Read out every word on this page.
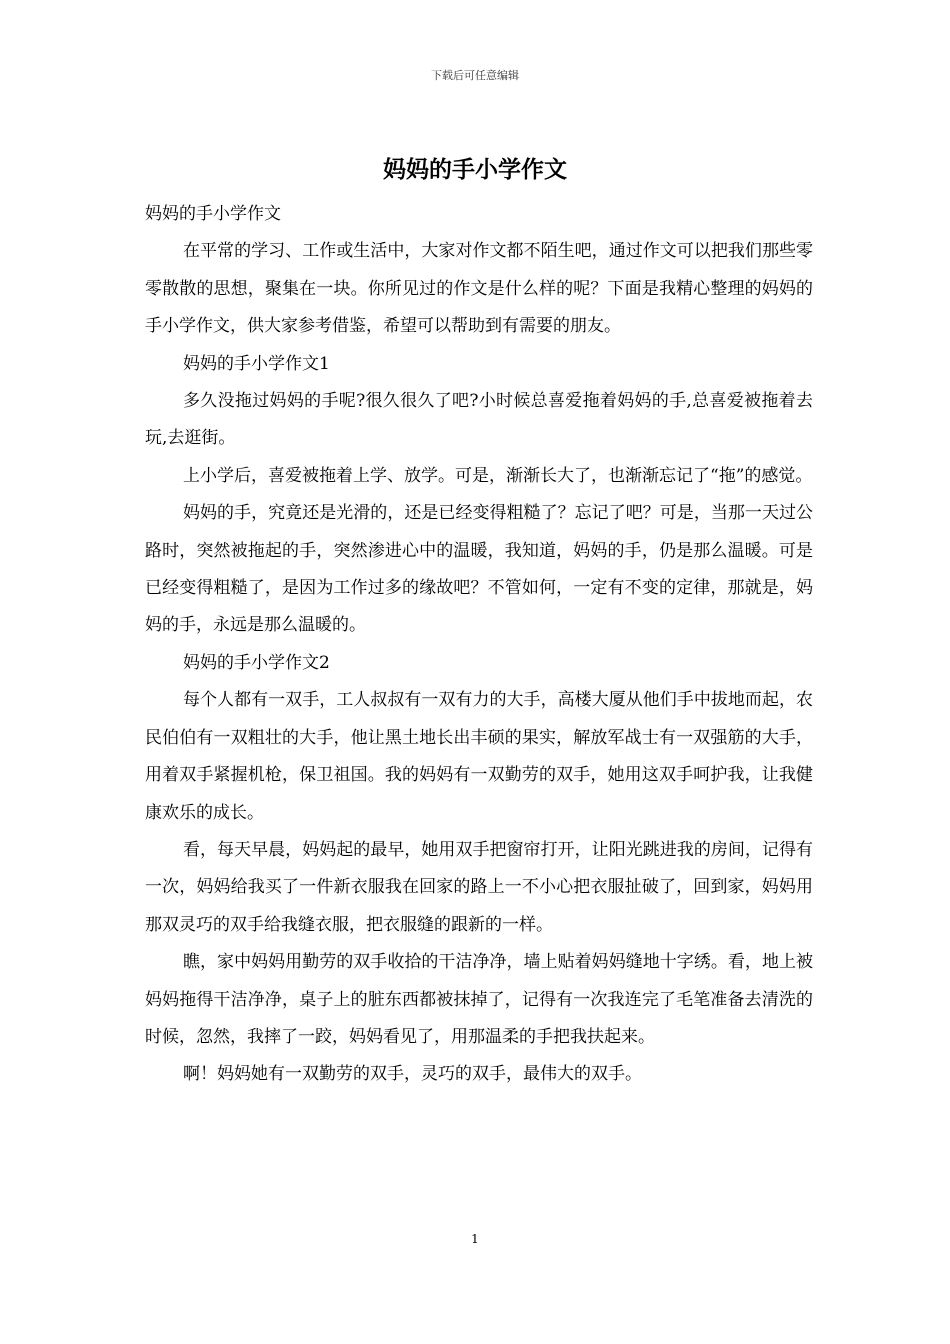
下载后可任意编辑
妈妈的手小学作文

妈妈的手小学作文

在平常的学习、工作或生活中，大家对作文都不陌生吧，通过作文可以把我们那些零零散散的思想，聚集在一块。你所见过的作文是什么样的呢？下面是我精心整理的妈妈的手小学作文，供大家参考借鉴，希望可以帮助到有需要的朋友。

妈妈的手小学作文1

多久没拖过妈妈的手呢?很久很久了吧?小时候总喜爱拖着妈妈的手,总喜爱被拖着去玩,去逛街。

上小学后，喜爱被拖着上学、放学。可是，渐渐长大了，也渐渐忘记了“拖”的感觉。

妈妈的手，究竟还是光滑的，还是已经变得粗糙了？忘记了吧？可是，当那一天过公路时，突然被拖起的手，突然渗进心中的温暖，我知道，妈妈的手，仍是那么温暖。可是已经变得粗糙了，是因为工作过多的缘故吧？不管如何，一定有不变的定律，那就是，妈妈的手，永远是那么温暖的。

妈妈的手小学作文2

每个人都有一双手，工人叔叔有一双有力的大手，高楼大厦从他们手中拔地而起，农民伯伯有一双粗壮的大手，他让黑土地长出丰硕的果实，解放军战士有一双强筋的大手，用着双手紧握机枪，保卫祖国。我的妈妈有一双勤劳的双手，她用这双手呵护我，让我健康欢乐的成长。

看，每天早晨，妈妈起的最早，她用双手把窗帘打开，让阳光跳进我的房间，记得有一次，妈妈给我买了一件新衣服我在回家的路上一不小心把衣服扯破了，回到家，妈妈用那双灵巧的双手给我缝衣服，把衣服缝的跟新的一样。

瞧，家中妈妈用勤劳的双手收拾的干洁净净，墙上贴着妈妈缝地十字绣。看，地上被妈妈拖得干洁净净，桌子上的脏东西都被抹掉了，记得有一次我连完了毛笔准备去清洗的时候，忽然，我摔了一跤，妈妈看见了，用那温柔的手把我扶起来。

啊！妈妈她有一双勤劳的双手，灵巧的双手，最伟大的双手。

1
